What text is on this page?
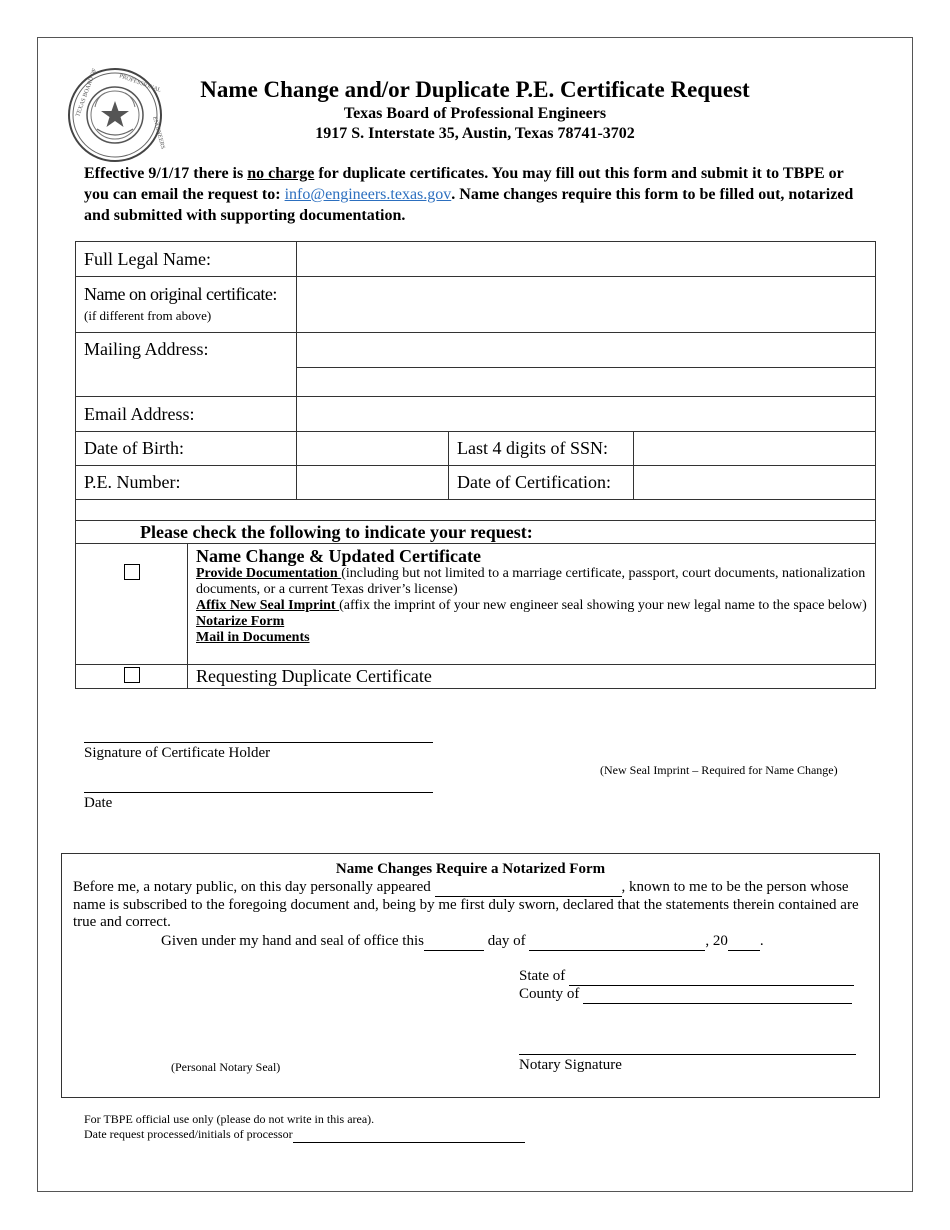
TEXAS BOARD OF	PROFESSIONAL
ENGINEERS
Name Change and/or Duplicate P.E. Certificate Request
Texas Board of Professional Engineers
1917 S. Interstate 35, Austin, Texas 78741-3702
Effective 9/1/17 there is no charge for duplicate certificates. You may fill out this form and submit it to TBPE or you can email the request to: info@engineers.texas.gov. Name changes require this form to be filled out, notarized and submitted with supporting documentation.
Full Legal Name:			
Name on original certificate:
(if different from above)			
Mailing Address:			

Email Address:			
Date of Birth:		Last 4 digits of SSN:	
P.E. Number:		Date of Certification:	

Please check the following to indicate your request:	

	Name Change & Updated Certificate
Provide Documentation (including but not limited to a marriage certificate, passport, court documents, nationalization documents, or a current Texas driver’s license)
Affix New Seal Imprint (affix the imprint of your new engineer seal showing your new legal name to the space below)
Notarize Form
Mail in Documents

	Requesting Duplicate Certificate
Signature of Certificate Holder
(New Seal Imprint – Required for Name Change)
Date
Name Changes Require a Notarized Form
Before me, a notary public, on this day personally appeared	, known to me to be the person whose name is subscribed to the foregoing document and, being by me first duly sworn, declared that the statements therein contained are true and correct.
Given under my hand and seal of office this	day of	, 20 .
State of
County of
Notary Signature
(Personal Notary Seal)
For TBPE official use only (please do not write in this area).
Date request processed/initials of processor
